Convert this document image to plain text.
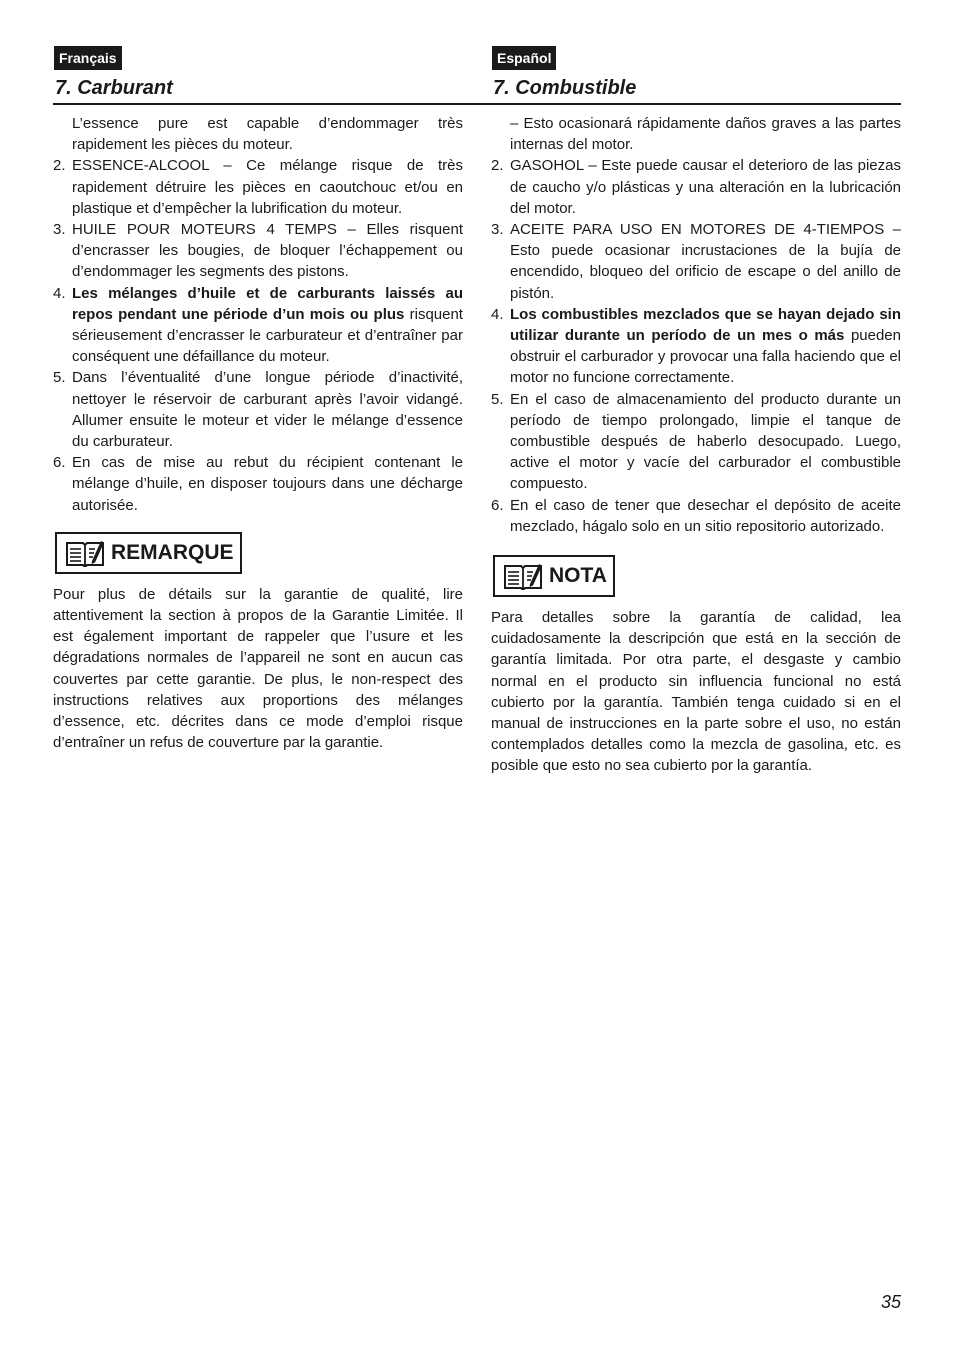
Français
7. Carburant

L’essence pure est capable d’endommager très rapidement les pièces du moteur.

2. ESSENCE-ALCOOL – Ce mélange risque de très rapidement détruire les pièces en caoutchouc et/ou en plastique et d’empêcher la lubrification du moteur.
3. HUILE POUR MOTEURS 4 TEMPS – Elles risquent d’encrasser les bougies, de bloquer l’échappement ou d’endommager les segments des pistons.
4. Les mélanges d’huile et de carburants laissés au repos pendant une période d’un mois ou plus risquent sérieusement d’encrasser le carburateur et d’entraîner par conséquent une défaillance du moteur.
5. Dans l’éventualité d’une longue période d’inactivité, nettoyer le réservoir de carburant après l’avoir vidangé. Allumer ensuite le moteur et vider le mélange d’essence du carburateur.
6. En cas de mise au rebut du récipient contenant le mélange d’huile, en disposer toujours dans une décharge autorisée.
REMARQUE

Pour plus de détails sur la garantie de qualité, lire attentivement la section à propos de la Garantie Limitée. Il est également important de rappeler que l’usure et les dégradations normales de l’appareil ne sont en aucun cas couvertes par cette garantie. De plus, le non-respect des instructions relatives aux proportions des mélanges d’essence, etc. décrites dans ce mode d’emploi risque d’entraîner un refus de couverture par la garantie.

Español
7. Combustible

– Esto ocasionará rápidamente daños graves a las partes internas del motor.

2. GASOHOL – Este puede causar el deterioro de las piezas de caucho y/o plásticas y una alteración en la lubricación del motor.
3. ACEITE PARA USO EN MOTORES DE 4-TIEMPOS – Esto puede ocasionar incrustaciones de la bujía de encendido, bloqueo del orificio de escape o del anillo de pistón.
4. Los combustibles mezclados que se hayan dejado sin utilizar durante un período de un mes o más pueden obstruir el carburador y provocar una falla haciendo que el motor no funcione correctamente.
5. En el caso de almacenamiento del producto durante un período de tiempo prolongado, limpie el tanque de combustible después de haberlo desocupado. Luego, active el motor y vacíe del carburador el combustible compuesto.
6. En el caso de tener que desechar el depósito de aceite mezclado, hágalo solo en un sitio repositorio autorizado.
NOTA

Para detalles sobre la garantía de calidad, lea cuidadosamente la descripción que está en la sección de garantía limitada. Por otra parte, el desgaste y cambio normal en el producto sin influencia funcional no está cubierto por la garantía. También tenga cuidado si en el manual de instrucciones en la parte sobre el uso, no están contemplados detalles como la mezcla de gasolina, etc. es posible que esto no sea cubierto por la garantía.

35
